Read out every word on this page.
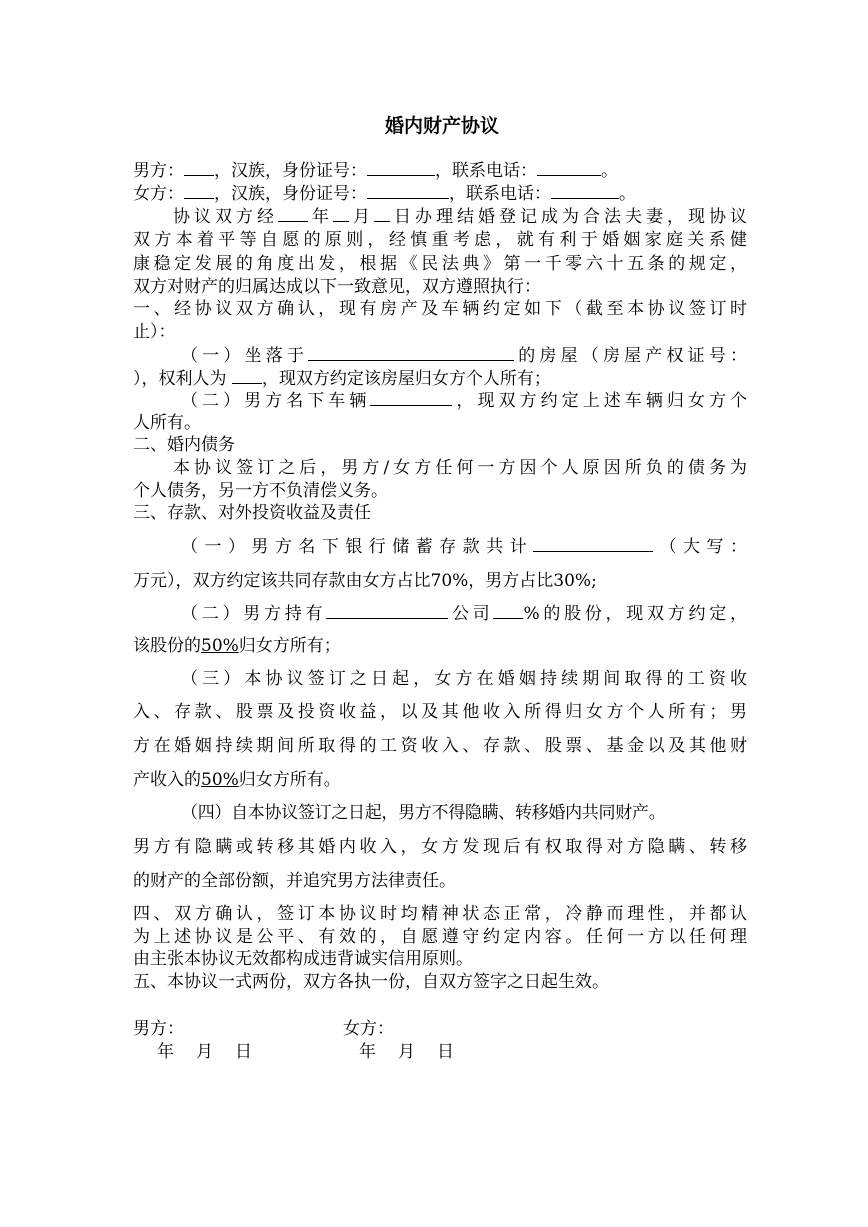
婚内财产协议
男方： ，汉族，身份证号：	，联系电话：	。
女方： ，汉族，身份证号：	，联系电话：	。
协议双方经 年 月 日办理结婚登记成为合法夫妻，现协议
双方本着平等自愿的原则，经慎重考虑，就有利于婚姻家庭关系健
康稳定发展的角度出发，根据《民法典》第一千零六十五条的规定，
双方对财产的归属达成以下一致意见，双方遵照执行：
一、经协议双方确认，现有房产及车辆约定如下（截至本协议签订时
止）：
（一）坐落于	的房屋（房屋产权证号：
），权利人为 ，现双方约定该房屋归女方个人所有；
（二）男方名下车辆	，现双方约定上述车辆归女方个
人所有。
二、婚内债务
本协议签订之后，男方/女方任何一方因个人原因所负的债务为
个人债务，另一方不负清偿义务。
三、存款、对外投资收益及责任
（一）男方名下银行储蓄存款共计	（大写：
万元），双方约定该共同存款由女方占比70%，男方占比30%;
（二）男方持有	公司 %的股份，现双方约定，
该股份的50%归女方所有；
（三）本协议签订之日起，女方在婚姻持续期间取得的工资收
入、存款、股票及投资收益，以及其他收入所得归女方个人所有；男
方在婚姻持续期间所取得的工资收入、存款、股票、基金以及其他财
产收入的50%归女方所有。
（四）自本协议签订之日起，男方不得隐瞒、转移婚内共同财产。
男方有隐瞒或转移其婚内收入，女方发现后有权取得对方隐瞒、转移
的财产的全部份额，并追究男方法律责任。
四、双方确认，签订本协议时均精神状态正常，冷静而理性，并都认
为上述协议是公平、有效的，自愿遵守约定内容。任何一方以任何理
由主张本协议无效都构成违背诚实信用原则。
五、本协议一式两份，双方各执一份，自双方签字之日起生效。
男方：	女方：
年 月 日	年 月 日
